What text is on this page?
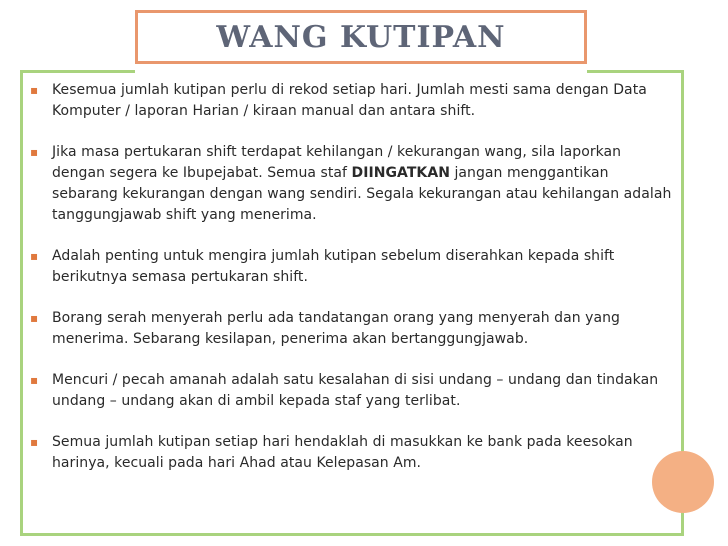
WANG KUTIPAN
▪ Kesemua jumlah kutipan perlu di rekod setiap hari. Jumlah mesti sama dengan Data Komputer / laporan Harian / kiraan manual dan antara shift.
▪ Jika masa pertukaran shift terdapat kehilangan / kekurangan wang, sila laporkan dengan segera ke Ibupejabat. Semua staf DIINGATKAN jangan menggantikan sebarang kekurangan dengan wang sendiri. Segala kekurangan atau kehilangan adalah tanggungjawab shift yang menerima.
▪ Adalah penting untuk mengira jumlah kutipan sebelum diserahkan kepada shift berikutnya semasa pertukaran shift.
▪ Borang serah menyerah perlu ada tandatangan orang yang menyerah dan yang menerima. Sebarang kesilapan, penerima akan bertanggungjawab.
▪ Mencuri / pecah amanah adalah satu kesalahan di sisi undang – undang dan tindakan undang – undang akan di ambil kepada staf yang terlibat.
▪ Semua jumlah kutipan setiap hari hendaklah di masukkan ke bank pada keesokan harinya, kecuali pada hari Ahad atau Kelepasan Am.
